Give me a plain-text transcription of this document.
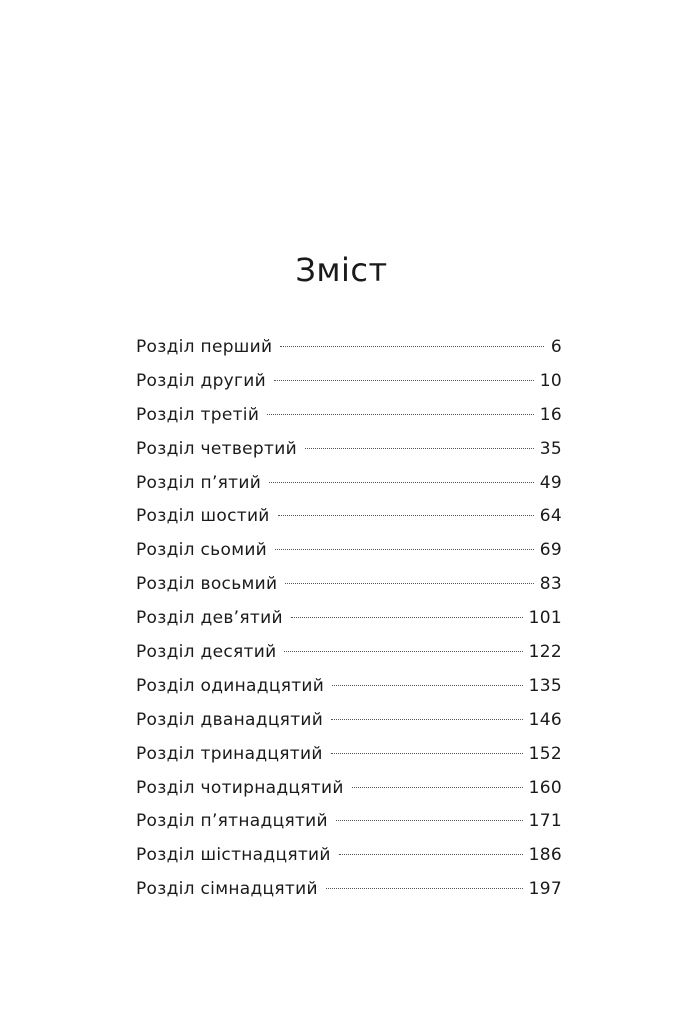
Зміст
Розділ перший	6
Розділ другий	10
Розділ третій	16
Розділ четвертий	35
Розділ п’ятий	49
Розділ шостий	64
Розділ сьомий	69
Розділ восьмий	83
Розділ дев’ятий	101
Розділ десятий	122
Розділ одинадцятий	135
Розділ дванадцятий	146
Розділ тринадцятий	152
Розділ чотирнадцятий	160
Розділ п’ятнадцятий	171
Розділ шістнадцятий	186
Розділ сімнадцятий	197
